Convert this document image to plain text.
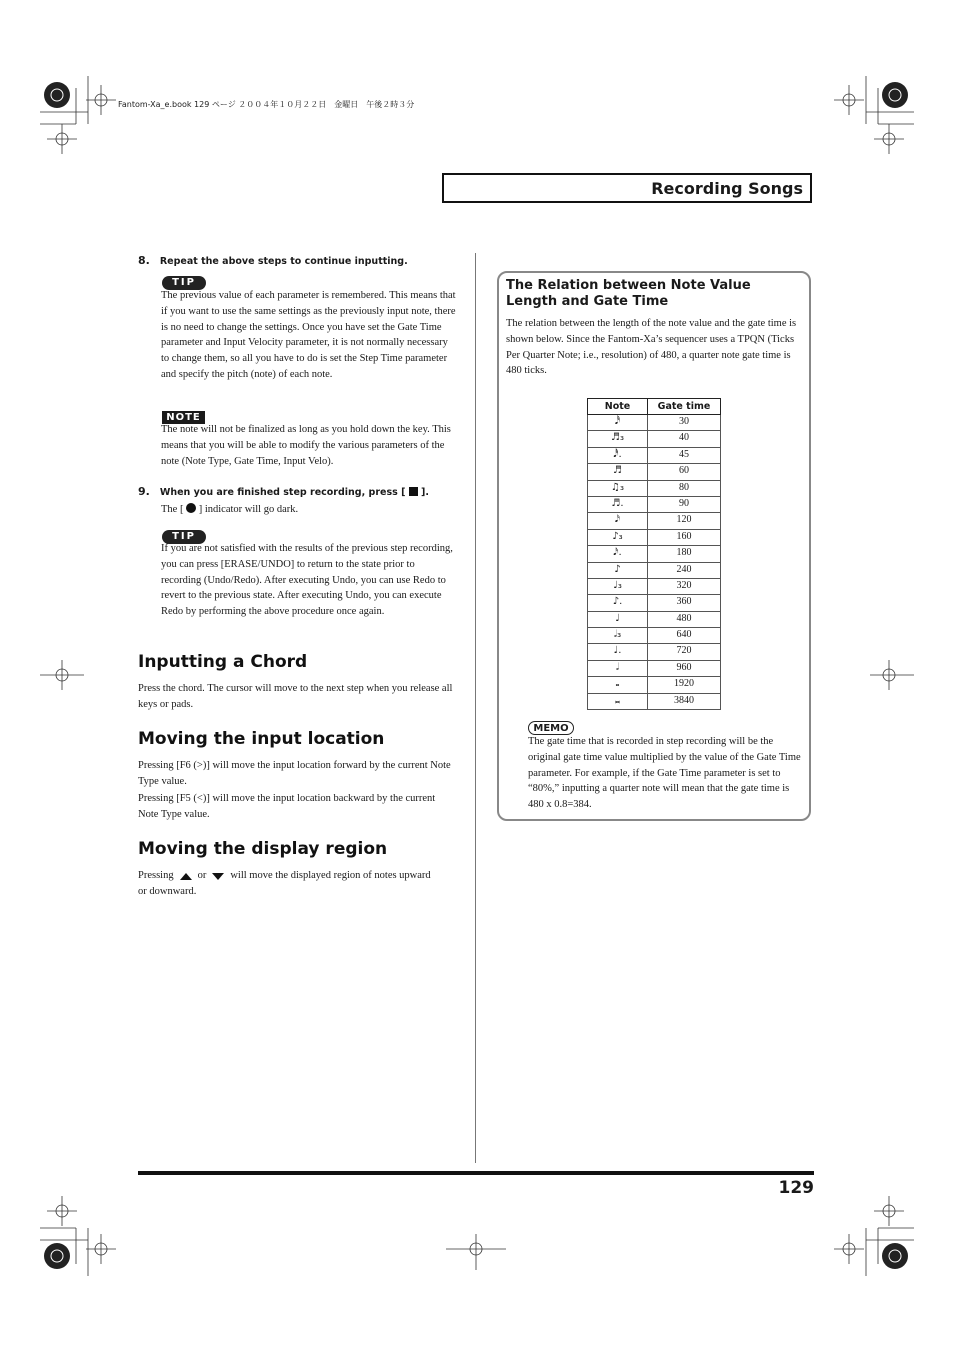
Fantom-Xa_e.book 129 ページ ２００４年１０月２２日　金曜日　午後２時３分
Recording Songs
8. Repeat the above steps to continue inputting.
TIP
The previous value of each parameter is remembered. This means that if you want to use the same settings as the previously input note, there is no need to change the settings. Once you have set the Gate Time parameter and Input Velocity parameter, it is not normally necessary to change them, so all you have to do is set the Step Time parameter and specify the pitch (note) of each note.
NOTE
The note will not be finalized as long as you hold down the key. This means that you will be able to modify the various parameters of the note (Note Type, Gate Time, Input Velo).
9. When you are finished step recording, press [ ].
The [ ] indicator will go dark.
TIP
If you are not satisfied with the results of the previous step recording, you can press [ERASE/UNDO] to return to the state prior to recording (Undo/Redo). After executing Undo, you can use Redo to revert to the previous state. After executing Undo, you can execute Redo by performing the above procedure once again.
Inputting a Chord
Press the chord. The cursor will move to the next step when you release all keys or pads.
Moving the input location
Pressing [F6 (>)] will move the input location forward by the current Note Type value.
Pressing [F5 (<)] will move the input location backward by the current Note Type value.
Moving the display region
Pressing or will move the displayed region of notes upward or downward.
The Relation between Note Value Length and Gate Time
The relation between the length of the note value and the gate time is shown below. Since the Fantom-Xa’s sequencer uses a TPQN (Ticks Per Quarter Note; i.e., resolution) of 480, a quarter note gate time is 480 ticks.
Note	Gate time
𝅘𝅥𝅰	30
♬₃	40
𝅘𝅥𝅰.	45
♬	60
♫₃	80
♬.	90
𝅘𝅥𝅯	120
♪₃	160
𝅘𝅥𝅯.	180
♪	240
♩₃	320
♪.	360
♩	480
𝅗𝅥₃	640
♩.	720
𝅗𝅥	960
𝅝	1920
𝅜	3840
MEMO
The gate time that is recorded in step recording will be the original gate time value multiplied by the value of the Gate Time parameter. For example, if the Gate Time parameter is set to “80%,” inputting a quarter note will mean that the gate time is 480 x 0.8=384.
129
